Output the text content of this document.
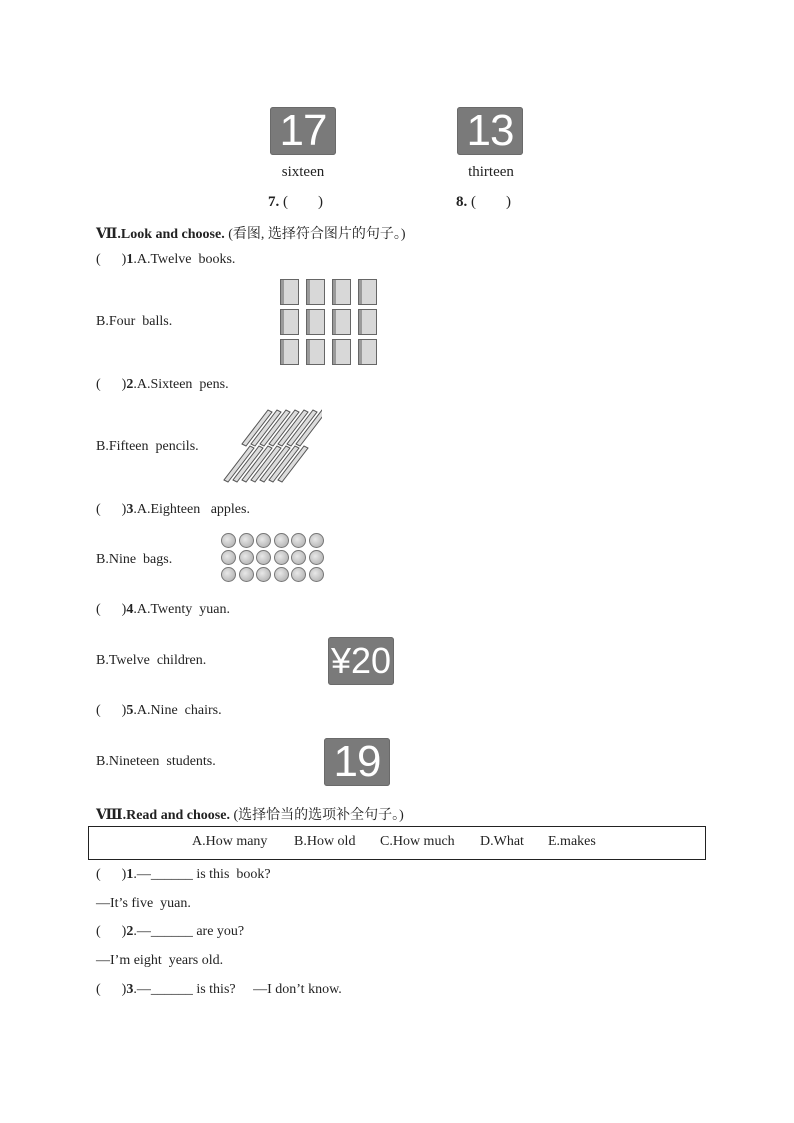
17
sixteen
7. (　　)
13
thirteen
8. (　　)
Ⅶ.Look and choose. (看图, 选择符合图片的句子。)
(      )1.A.Twelve  books.
B.Four  balls.
(      )2.A.Sixteen  pens.
B.Fifteen  pencils.
(      )3.A.Eighteen   apples.
B.Nine  bags.
(      )4.A.Twenty  yuan.
B.Twelve  children.	¥20
(      )5.A.Nine  chairs.
B.Nineteen  students.	19
Ⅷ.Read and choose. (选择恰当的选项补全句子。)
A.How many B.How old C.How much D.What E.makes
(      )1.—______ is this  book?
—It’s five  yuan.
(      )2.—______ are you?
—I’m eight  years old.
(      )3.—______ is this?     —I don’t know.
